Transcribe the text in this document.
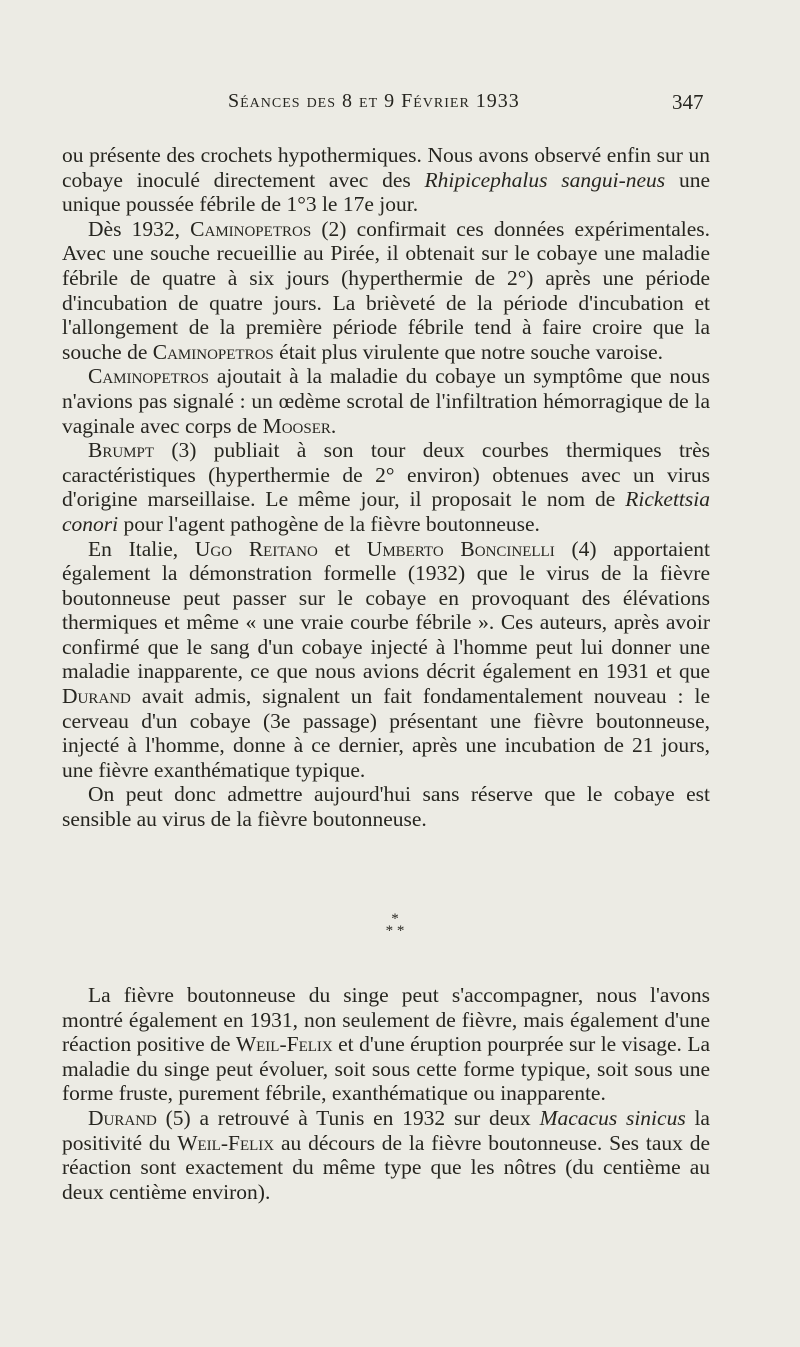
Séances des 8 et 9 Février 1933	347

ou présente des crochets hypothermiques. Nous avons observé enfin sur un cobaye inoculé directement avec des Rhipicephalus sangui-neus une unique poussée fébrile de 1°3 le 17e jour.

Dès 1932, Caminopetros (2) confirmait ces données expérimentales. Avec une souche recueillie au Pirée, il obtenait sur le cobaye une maladie fébrile de quatre à six jours (hyperthermie de 2°) après une période d'incubation de quatre jours. La brièveté de la période d'incubation et l'allongement de la première période fébrile tend à faire croire que la souche de Caminopetros était plus virulente que notre souche varoise.

Caminopetros ajoutait à la maladie du cobaye un symptôme que nous n'avions pas signalé : un œdème scrotal de l'infiltration hémorragique de la vaginale avec corps de Mooser.

Brumpt (3) publiait à son tour deux courbes thermiques très caractéristiques (hyperthermie de 2° environ) obtenues avec un virus d'origine marseillaise. Le même jour, il proposait le nom de Rickettsia conori pour l'agent pathogène de la fièvre boutonneuse.

En Italie, Ugo Reitano et Umberto Boncinelli (4) apportaient également la démonstration formelle (1932) que le virus de la fièvre boutonneuse peut passer sur le cobaye en provoquant des élévations thermiques et même « une vraie courbe fébrile ». Ces auteurs, après avoir confirmé que le sang d'un cobaye injecté à l'homme peut lui donner une maladie inapparente, ce que nous avions décrit également en 1931 et que Durand avait admis, signalent un fait fondamentalement nouveau : le cerveau d'un cobaye (3e passage) présentant une fièvre boutonneuse, injecté à l'homme, donne à ce dernier, après une incubation de 21 jours, une fièvre exanthématique typique.

On peut donc admettre aujourd'hui sans réserve que le cobaye est sensible au virus de la fièvre boutonneuse.

*
* *

La fièvre boutonneuse du singe peut s'accompagner, nous l'avons montré également en 1931, non seulement de fièvre, mais également d'une réaction positive de Weil-Felix et d'une éruption pourprée sur le visage. La maladie du singe peut évoluer, soit sous cette forme typique, soit sous une forme fruste, purement fébrile, exanthématique ou inapparente.

Durand (5) a retrouvé à Tunis en 1932 sur deux Macacus sinicus la positivité du Weil-Felix au décours de la fièvre boutonneuse. Ses taux de réaction sont exactement du même type que les nôtres (du centième au deux centième environ).
